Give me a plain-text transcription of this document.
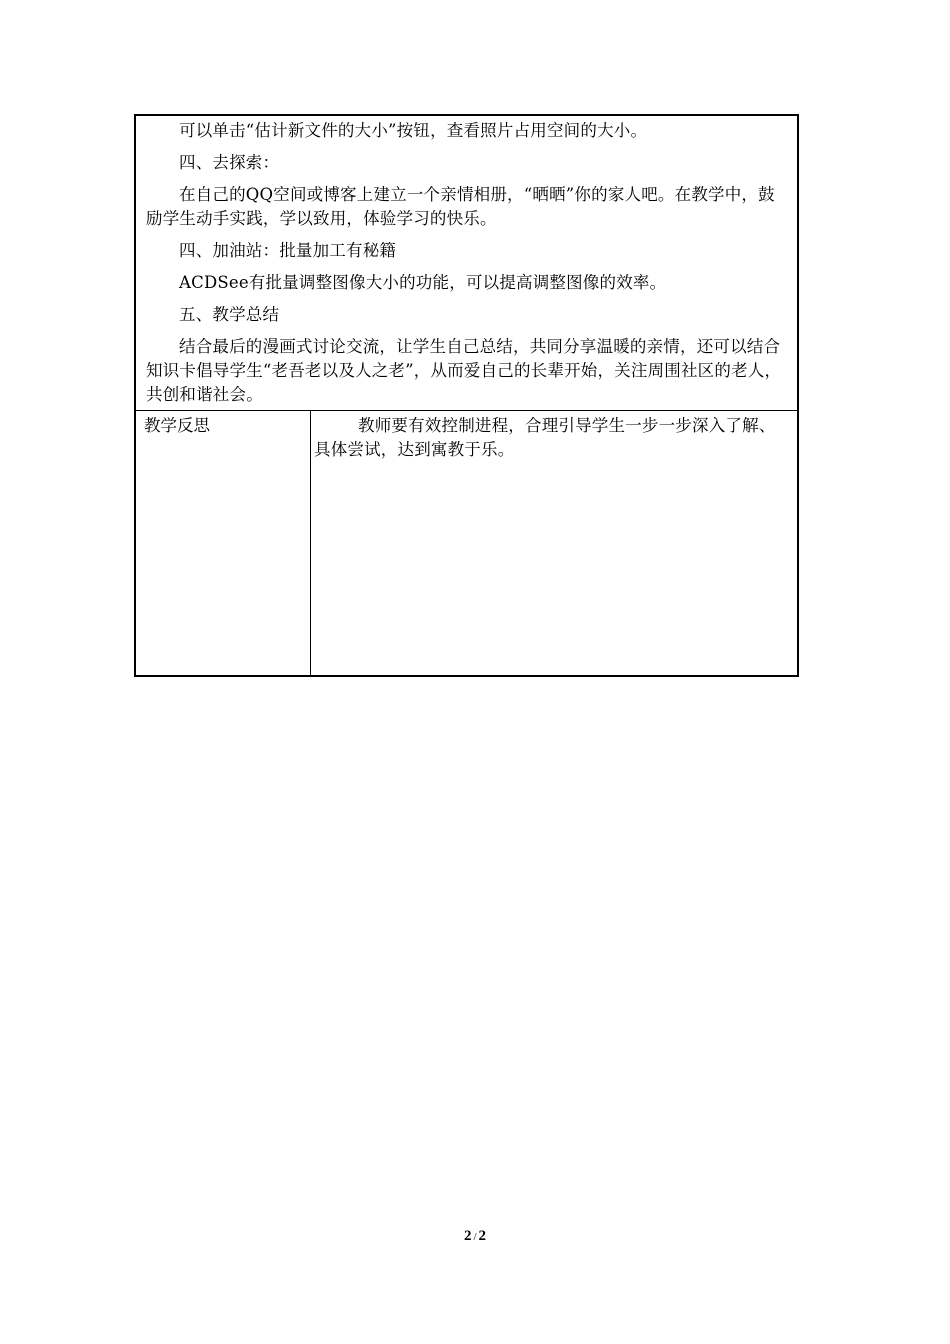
可以单击“估计新文件的大小”按钮，查看照片占用空间的大小。

四、去探索：

在自己的QQ空间或博客上建立一个亲情相册，“晒晒”你的家人吧。在教学中，鼓励学生动手实践，学以致用，体验学习的快乐。

四、加油站：批量加工有秘籍

ACDSee有批量调整图像大小的功能，可以提高调整图像的效率。

五、教学总结

结合最后的漫画式讨论交流，让学生自己总结，共同分享温暖的亲情，还可以结合知识卡倡导学生“老吾老以及人之老”，从而爱自己的长辈开始，关注周围社区的老人，共创和谐社会。

教学反思	教师要有效控制进程，合理引导学生一步一步深入了解、具体尝试，达到寓教于乐。

2 / 2
